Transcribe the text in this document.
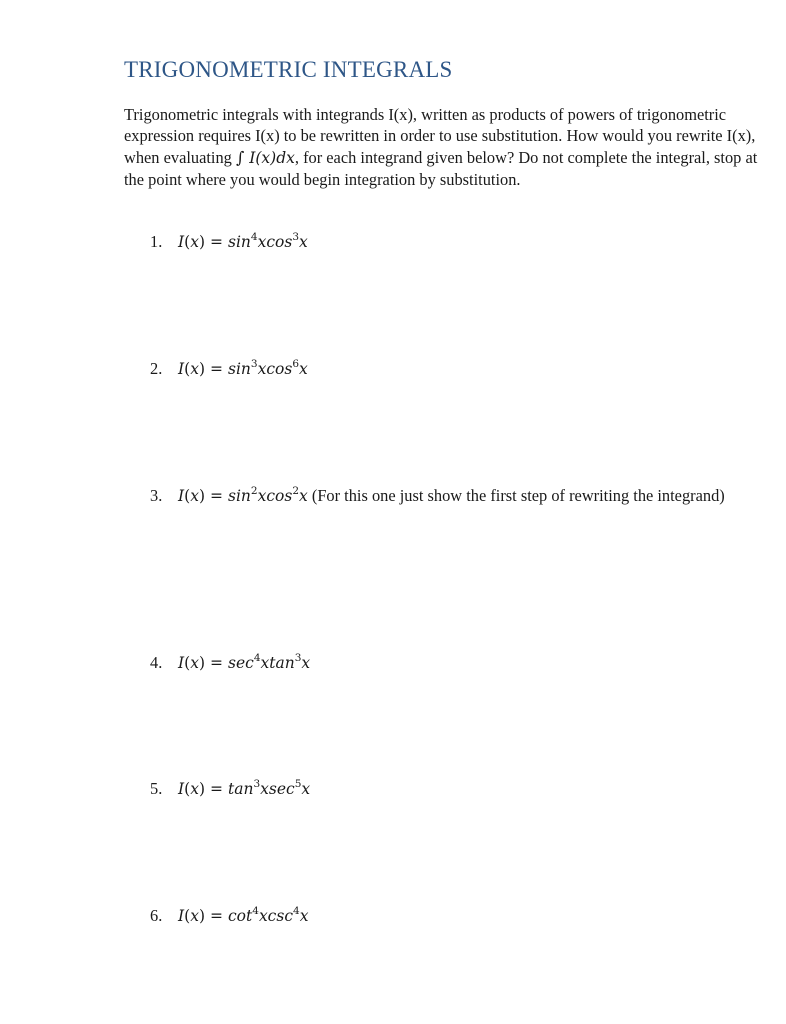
TRIGONOMETRIC INTEGRALS

Trigonometric integrals with integrands I(x), written as products of powers of trigonometric expression requires I(x) to be rewritten in order to use substitution. How would you rewrite I(x), when evaluating ∫ I(x)dx, for each integrand given below? Do not complete the integral, stop at the point where you would begin integration by substitution.

1.	$I(x) = \sin^4xcos^3x$
2.	$I(x) = \sin^3xcos^6x$
3.	$I(x) = \sin^2xcos^2x$ (For this one just show the first step of rewriting the integrand)
4.	$I(x) = \sec^4xtan^3x$
5.	$I(x) = \tan^3xsec^5x$
6.	$I(x) = \cot^4xcsc^4x$
